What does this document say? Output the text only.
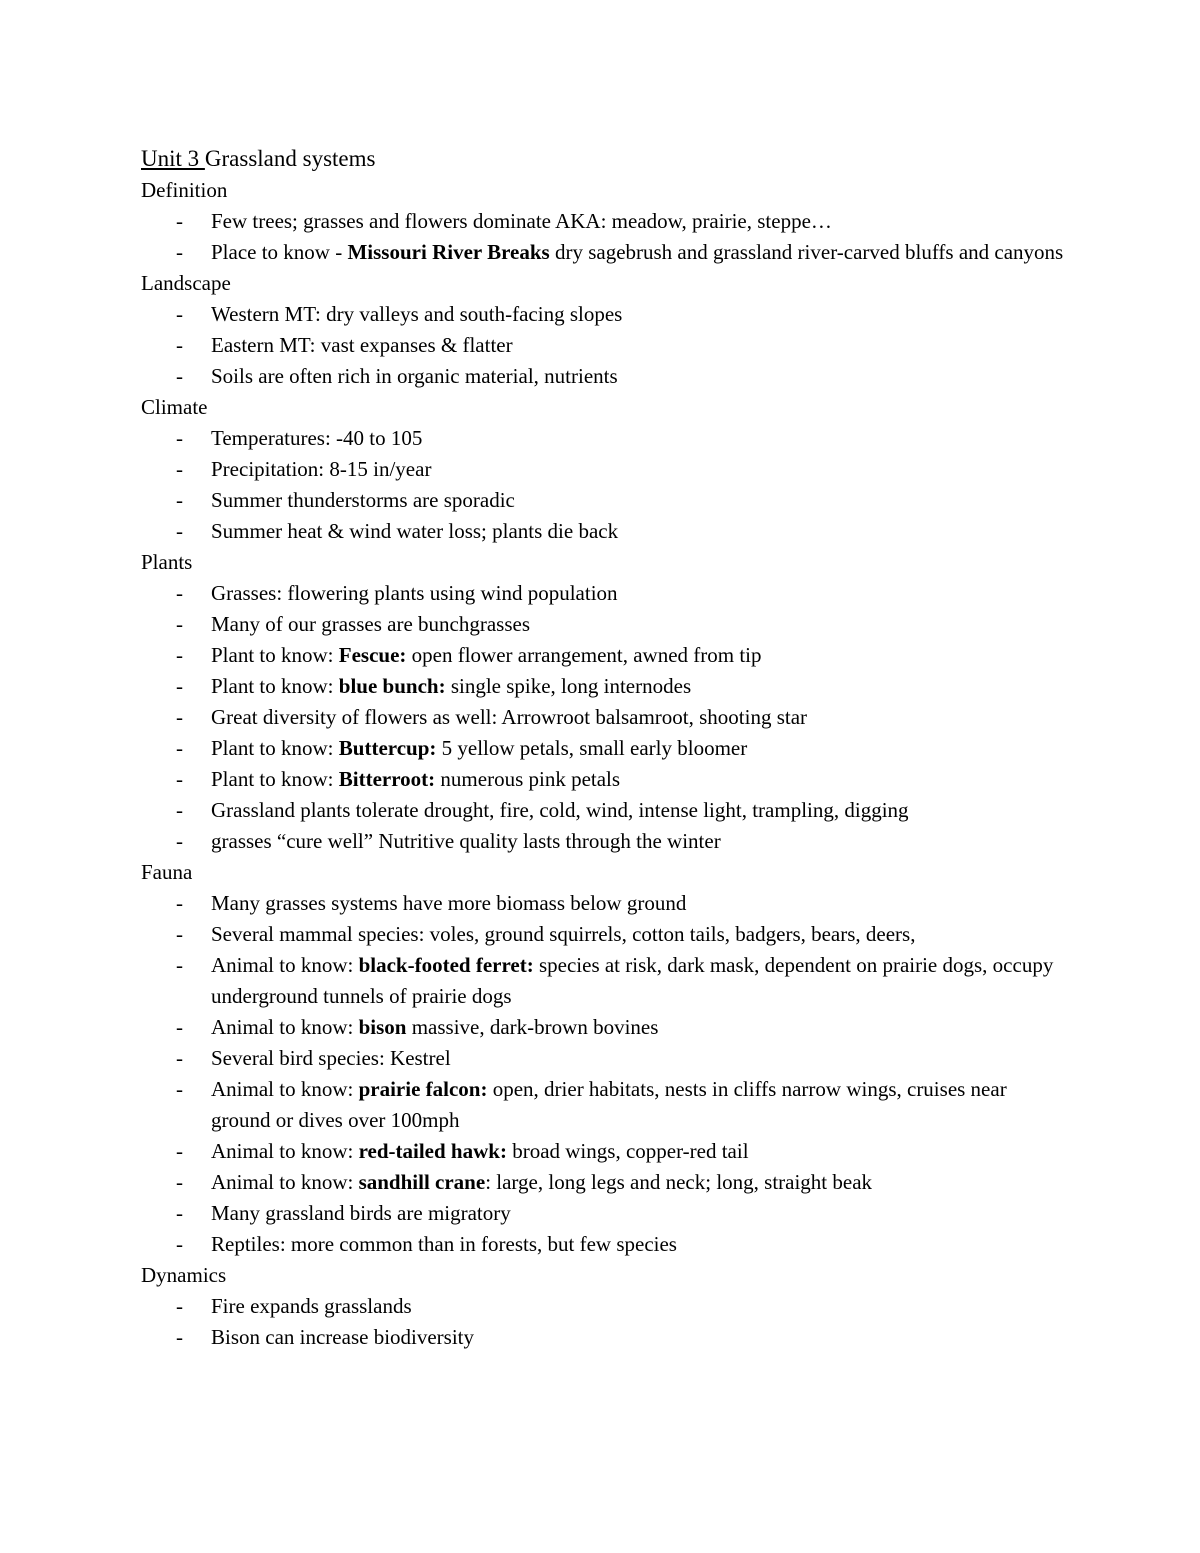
Unit 3 Grassland systems
Definition
- Few trees; grasses and flowers dominate AKA: meadow, prairie, steppe…
- Place to know - Missouri River Breaks dry sagebrush and grassland river-carved bluffs and canyons
Landscape
- Western MT: dry valleys and south-facing slopes
- Eastern MT: vast expanses & flatter
- Soils are often rich in organic material, nutrients
Climate
- Temperatures: -40 to 105
- Precipitation: 8-15 in/year
- Summer thunderstorms are sporadic
- Summer heat & wind water loss; plants die back
Plants
- Grasses: flowering plants using wind population
- Many of our grasses are bunchgrasses
- Plant to know: Fescue: open flower arrangement, awned from tip
- Plant to know: blue bunch: single spike, long internodes
- Great diversity of flowers as well: Arrowroot balsamroot, shooting star
- Plant to know: Buttercup: 5 yellow petals, small early bloomer
- Plant to know: Bitterroot: numerous pink petals
- Grassland plants tolerate drought, fire, cold, wind, intense light, trampling, digging
- grasses “cure well” Nutritive quality lasts through the winter
Fauna
- Many grasses systems have more biomass below ground
- Several mammal species: voles, ground squirrels, cotton tails, badgers, bears, deers,
- Animal to know: black-footed ferret: species at risk, dark mask, dependent on prairie dogs, occupy underground tunnels of prairie dogs
- Animal to know: bison massive, dark-brown bovines
- Several bird species: Kestrel
- Animal to know: prairie falcon: open, drier habitats, nests in cliffs narrow wings, cruises near ground or dives over 100mph
- Animal to know: red-tailed hawk: broad wings, copper-red tail
- Animal to know: sandhill crane: large, long legs and neck; long, straight beak
- Many grassland birds are migratory
- Reptiles: more common than in forests, but few species
Dynamics
- Fire expands grasslands
- Bison can increase biodiversity
